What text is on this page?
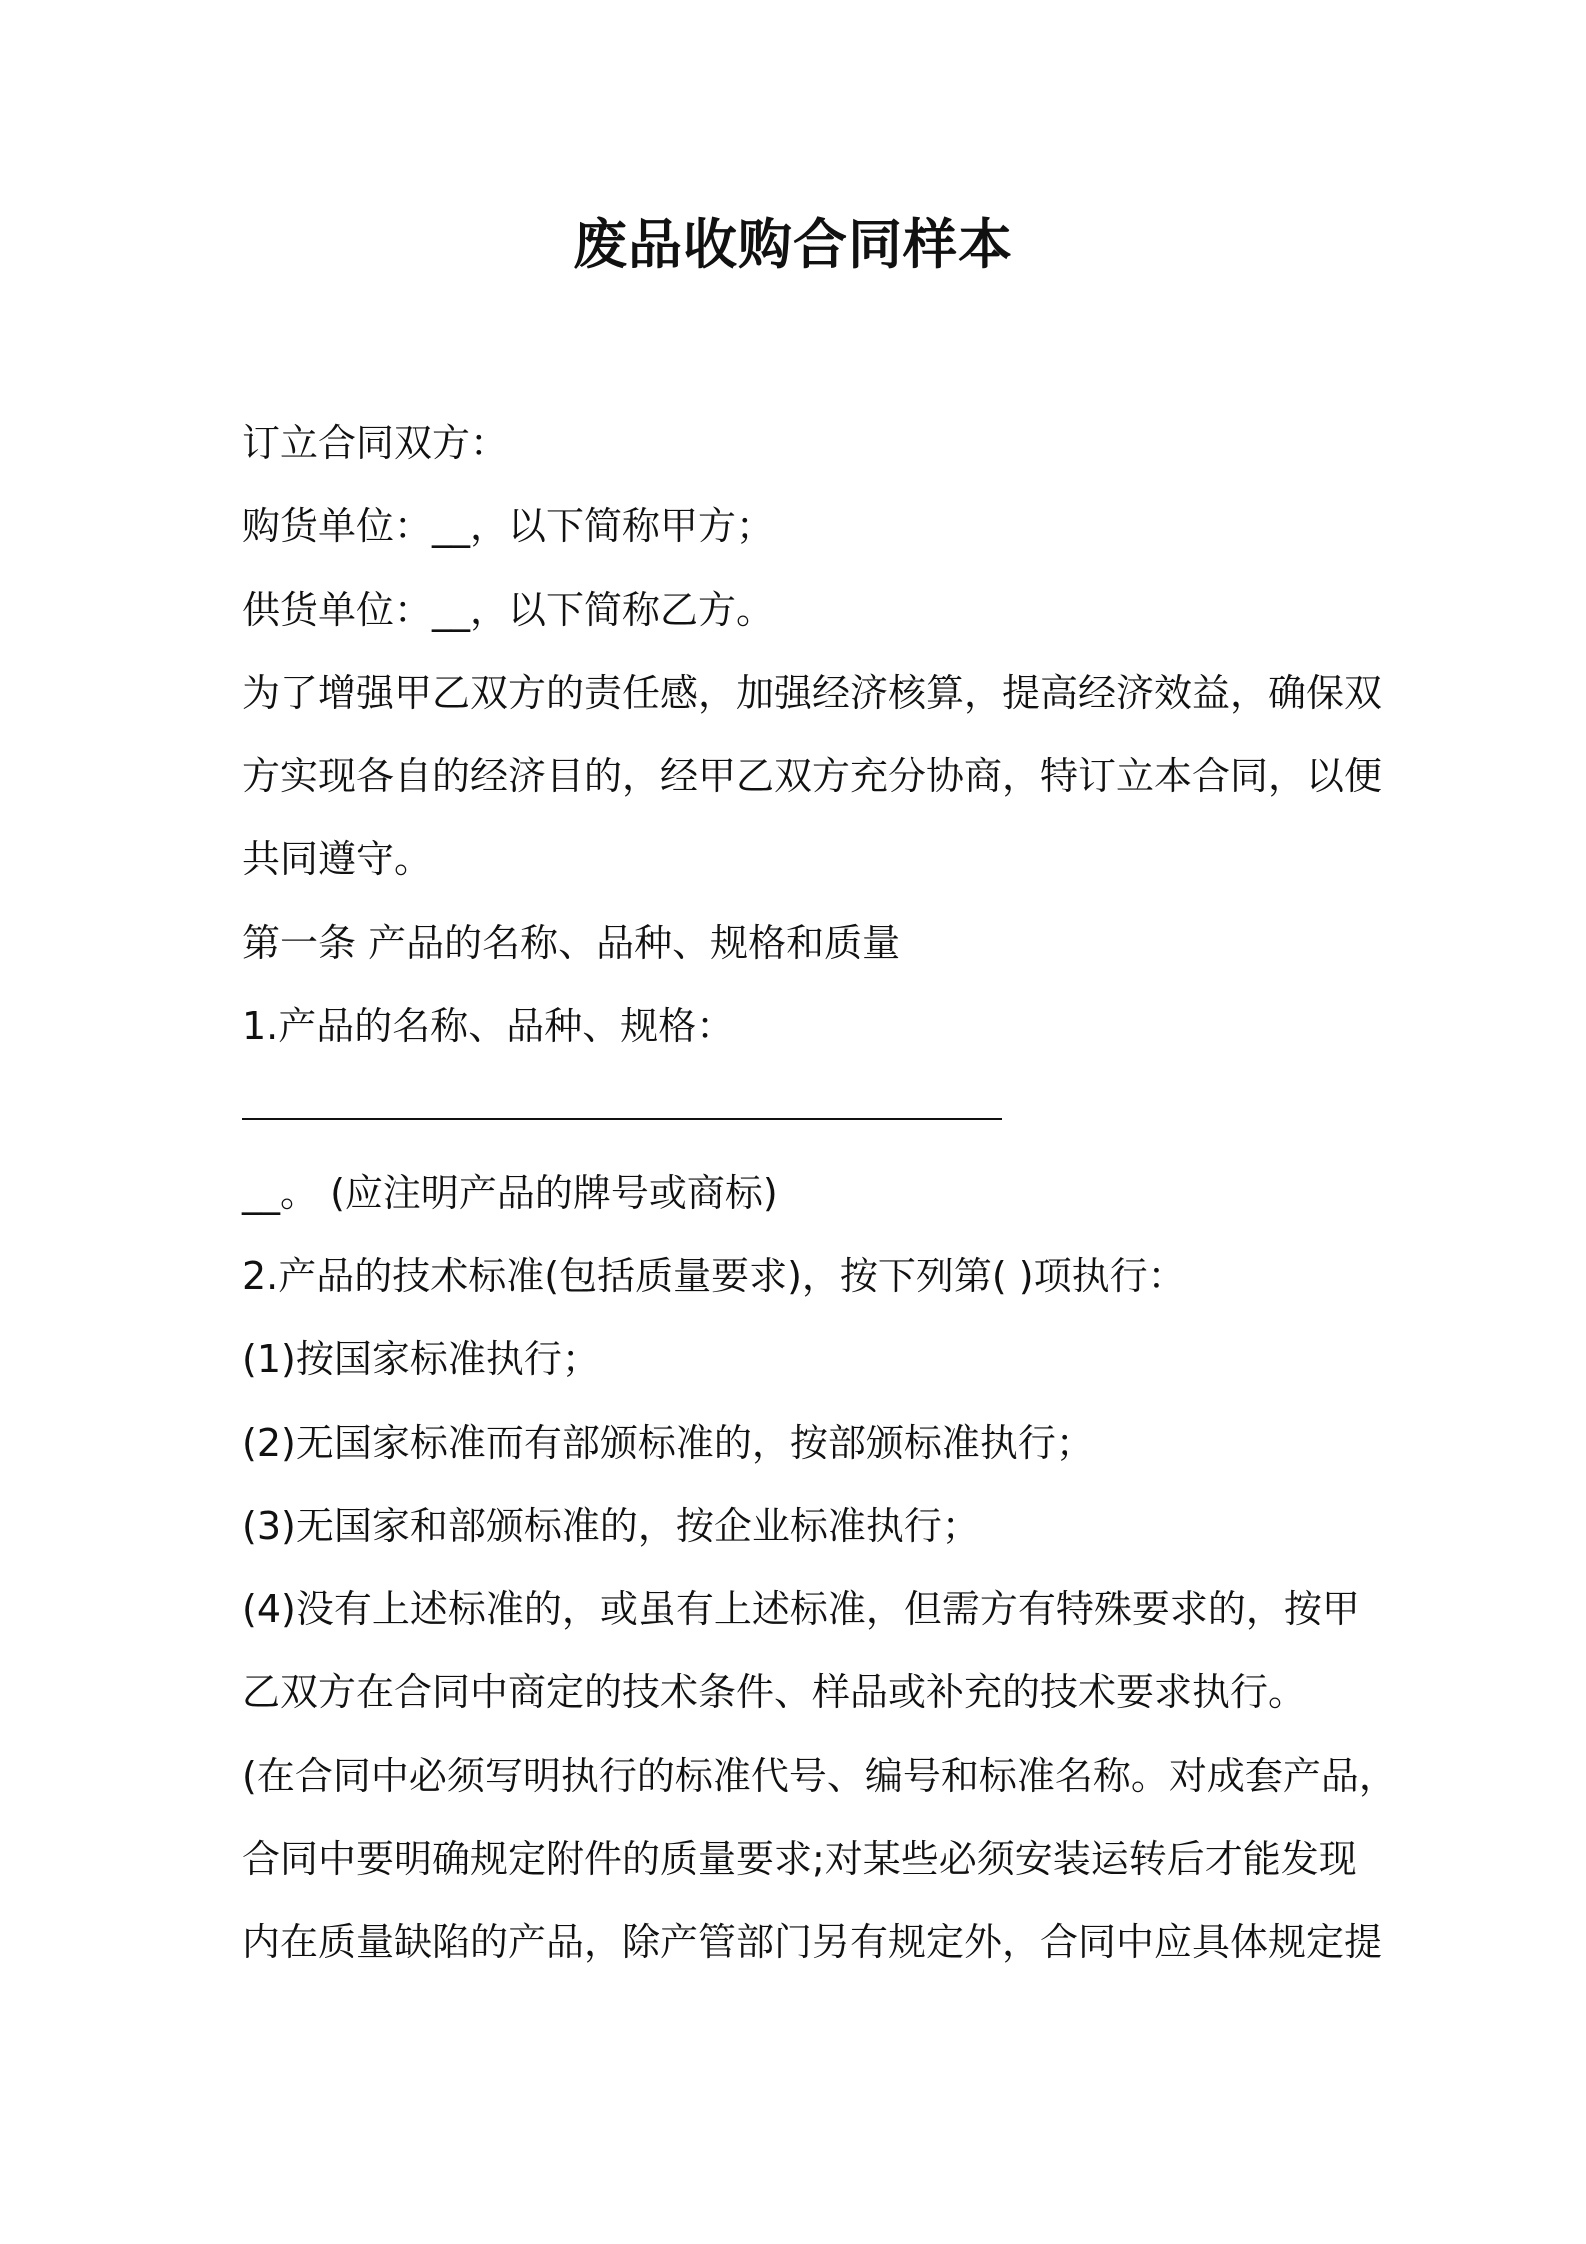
废品收购合同样本
订立合同双方：
购货单位：__，以下简称甲方；
供货单位：__，以下简称乙方。
为了增强甲乙双方的责任感，加强经济核算，提高经济效益，确保双
方实现各自的经济目的，经甲乙双方充分协商，特订立本合同，以便
共同遵守。
第一条 产品的名称、品种、规格和质量
1.产品的名称、品种、规格：
__。 (应注明产品的牌号或商标)
2.产品的技术标准(包括质量要求)，按下列第( )项执行：
(1)按国家标准执行；
(2)无国家标准而有部颁标准的，按部颁标准执行；
(3)无国家和部颁标准的，按企业标准执行；
(4)没有上述标准的，或虽有上述标准，但需方有特殊要求的，按甲
乙双方在合同中商定的技术条件、样品或补充的技术要求执行。
(在合同中必须写明执行的标准代号、编号和标准名称。对成套产品，
合同中要明确规定附件的质量要求;对某些必须安装运转后才能发现
内在质量缺陷的产品，除产管部门另有规定外，合同中应具体规定提
